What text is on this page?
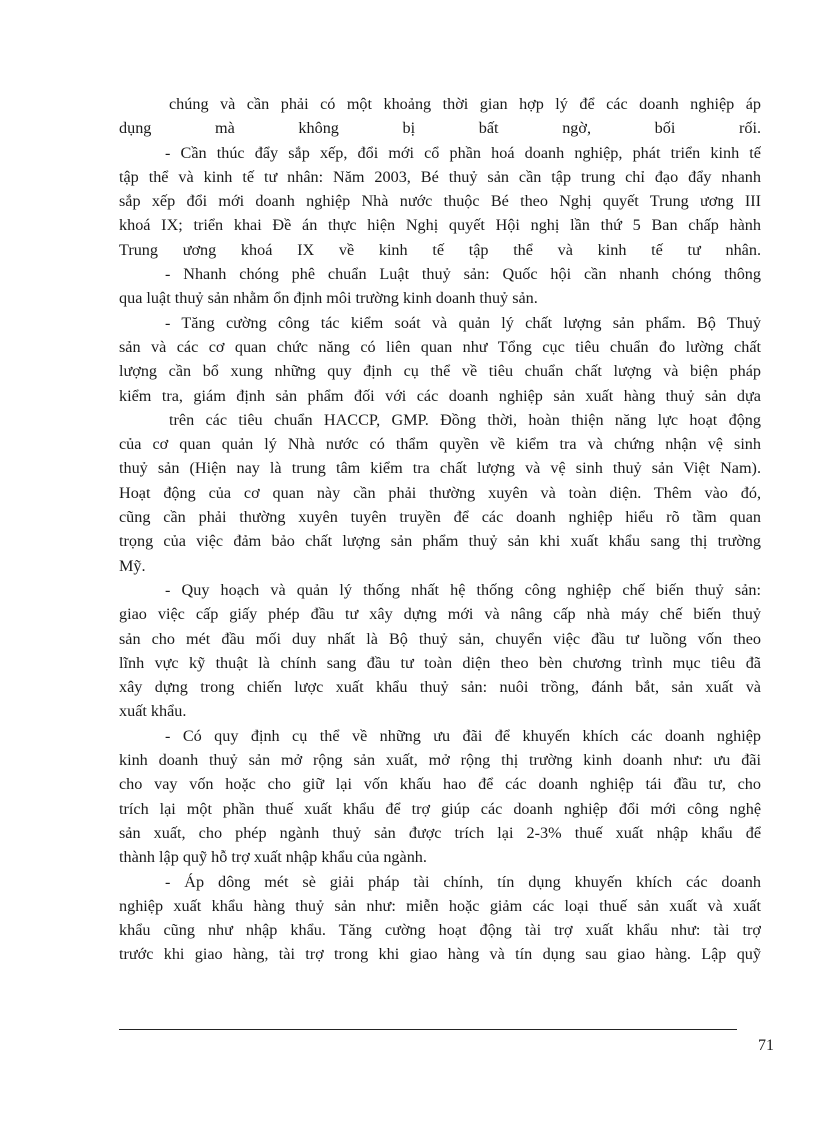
chúng và cần phải có một khoảng thời gian hợp lý để các doanh nghiệp áp
dụng mà không bị bất ngờ, bối rối.
- Cần thúc đẩy sắp xếp, đổi mới cổ phần hoá doanh nghiệp, phát triển kinh tế
tập thể và kinh tế tư nhân: Năm 2003, Bé thuỷ sản cần tập trung chỉ đạo đẩy nhanh
sắp xếp đổi mới doanh nghiệp Nhà nước thuộc Bé theo Nghị quyết Trung ương III
khoá IX; triển khai Đề án thực hiện Nghị quyết Hội nghị lần thứ 5 Ban chấp hành
Trung ương khoá IX về kinh tế tập thể và kinh tế tư nhân.
- Nhanh chóng phê chuẩn Luật thuỷ sản: Quốc hội cần nhanh chóng thông
qua luật thuỷ sản nhằm ổn định môi trường kinh doanh thuỷ sản.
- Tăng cường công tác kiểm soát và quản lý chất lượng sản phẩm. Bộ Thuỷ
sản và các cơ quan chức năng có liên quan như Tổng cục tiêu chuẩn đo lường chất
lượng cần bổ xung những quy định cụ thể về tiêu chuẩn chất lượng và biện pháp
kiểm tra, giám định sản phẩm đối với các doanh nghiệp sản xuất hàng thuỷ sản dựa
trên các tiêu chuẩn HACCP, GMP. Đồng thời, hoàn thiện năng lực hoạt động
của cơ quan quản lý Nhà nước có thẩm quyền về kiểm tra và chứng nhận vệ sinh
thuỷ sản (Hiện nay là trung tâm kiểm tra chất lượng và vệ sinh thuỷ sản Việt Nam).
Hoạt động của cơ quan này cần phải thường xuyên và toàn diện. Thêm vào đó,
cũng cần phải thường xuyên tuyên truyền để các doanh nghiệp hiểu rõ tầm quan
trọng của việc đảm bảo chất lượng sản phẩm thuỷ sản khi xuất khẩu sang thị trường
Mỹ.
- Quy hoạch và quản lý thống nhất hệ thống công nghiệp chế biến thuỷ sản:
giao việc cấp giấy phép đầu tư xây dựng mới và nâng cấp nhà máy chế biến thuỷ
sản cho mét đầu mối duy nhất là Bộ thuỷ sản, chuyển việc đầu tư luồng vốn theo
lĩnh vực kỹ thuật là chính sang đầu tư toàn diện theo bèn chương trình mục tiêu đã
xây dựng trong chiến lược xuất khẩu thuỷ sản: nuôi trồng, đánh bắt, sản xuất và
xuất khẩu.
- Có quy định cụ thể về những ưu đãi để khuyến khích các doanh nghiệp
kinh doanh thuỷ sản mở rộng sản xuất, mở rộng thị trường kinh doanh như: ưu đãi
cho vay vốn hoặc cho giữ lại vốn khấu hao để các doanh nghiệp tái đầu tư, cho
trích lại một phần thuế xuất khẩu để trợ giúp các doanh nghiệp đổi mới công nghệ
sản xuất, cho phép ngành thuỷ sản được trích lại 2-3% thuế xuất nhập khẩu để
thành lập quỹ hỗ trợ xuất nhập khẩu của ngành.
- Áp dông mét sè giải pháp tài chính, tín dụng khuyến khích các doanh
nghiệp xuất khẩu hàng thuỷ sản như: miễn hoặc giảm các loại thuế sản xuất và xuất
khẩu cũng như nhập khẩu. Tăng cường hoạt động tài trợ xuất khẩu như: tài trợ
trước khi giao hàng, tài trợ trong khi giao hàng và tín dụng sau giao hàng. Lập quỹ
71
